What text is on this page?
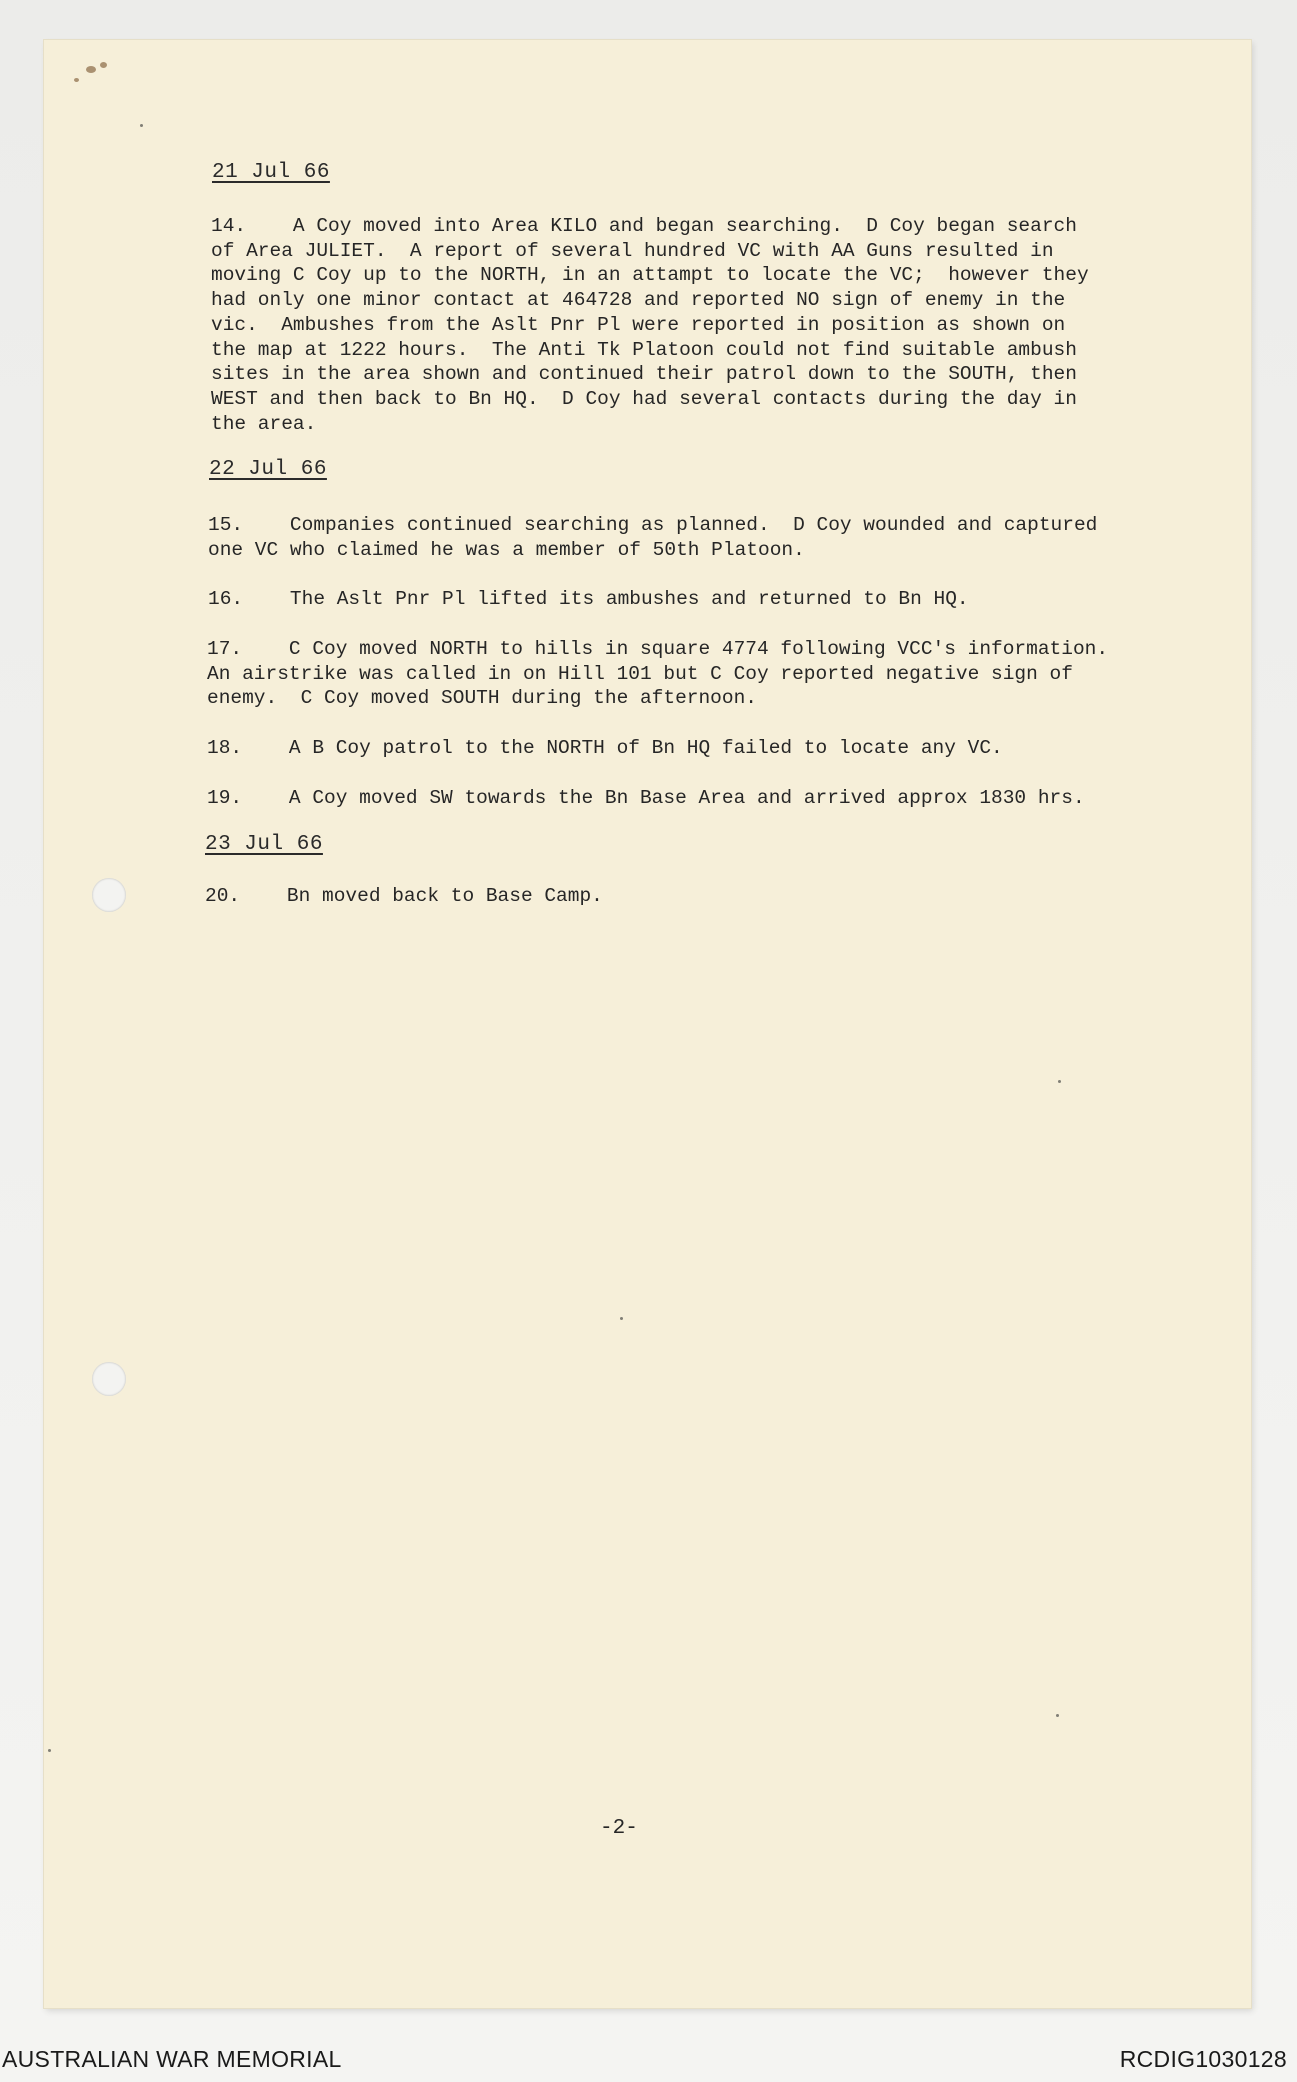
21 Jul 66

14.    A Coy moved into Area KILO and began searching.  D Coy began search
of Area JULIET.  A report of several hundred VC with AA Guns resulted in
moving C Coy up to the NORTH, in an attampt to locate the VC;  however they
had only one minor contact at 464728 and reported NO sign of enemy in the
vic.  Ambushes from the Aslt Pnr Pl were reported in position as shown on
the map at 1222 hours.  The Anti Tk Platoon could not find suitable ambush
sites in the area shown and continued their patrol down to the SOUTH, then
WEST and then back to Bn HQ.  D Coy had several contacts during the day in
the area.

22 Jul 66

15.    Companies continued searching as planned.  D Coy wounded and captured
one VC who claimed he was a member of 50th Platoon.

16.    The Aslt Pnr Pl lifted its ambushes and returned to Bn HQ.

17.    C Coy moved NORTH to hills in square 4774 following VCC's information.
An airstrike was called in on Hill 101 but C Coy reported negative sign of
enemy.  C Coy moved SOUTH during the afternoon.

18.    A B Coy patrol to the NORTH of Bn HQ failed to locate any VC.

19.    A Coy moved SW towards the Bn Base Area and arrived approx 1830 hrs.

23 Jul 66

20.    Bn moved back to Base Camp.

-2-
AUSTRALIAN WAR MEMORIAL	RCDIG1030128
